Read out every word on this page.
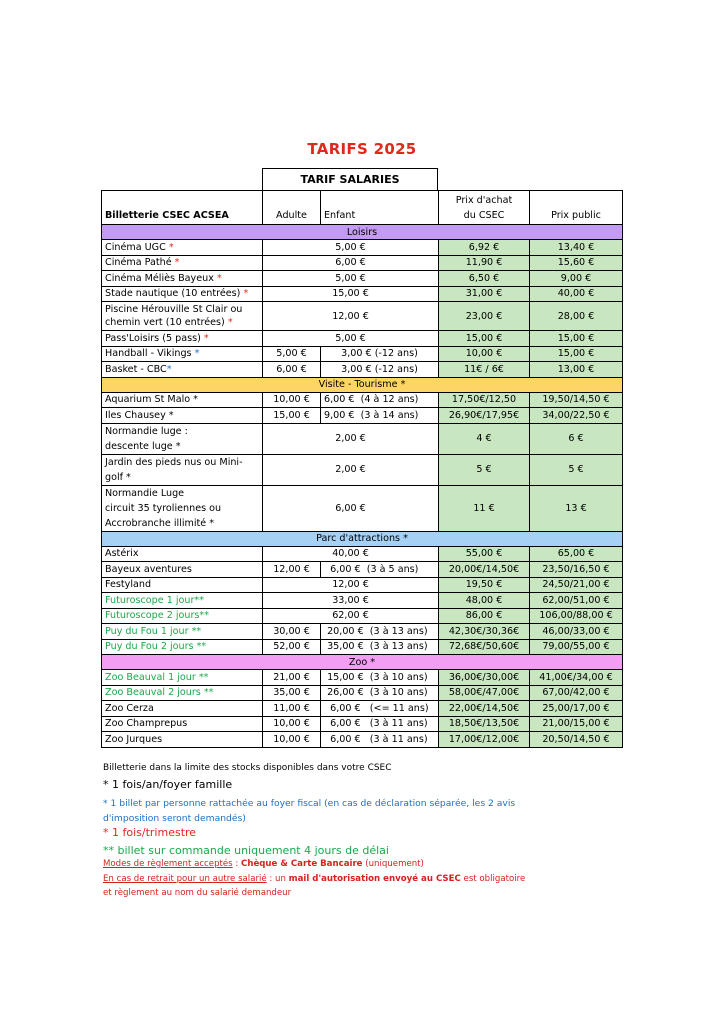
TARIFS 2025
TARIF SALARIES
Billetterie CSEC ACSEA	Adulte	Enfant	Prix d'achat
du CSEC	Prix public
Loisirs				
Cinéma UGC *	5,00 €		6,92 €	13,40 €
Cinéma Pathé *	6,00 €		11,90 €	15,60 €
Cinéma Méliès Bayeux *	5,00 €		6,50 €	9,00 €
Stade nautique (10 entrées) *	15,00 €		31,00 €	40,00 €
Piscine Hérouville St Clair ou
chemin vert (10 entrées) *	12,00 €		23,00 €	28,00 €
Pass'Loisirs (5 pass) *	5,00 €		15,00 €	15,00 €
Handball - Vikings *	5,00 €	3,00 € (-12 ans)	10,00 €	15,00 €
Basket - CBC*	6,00 €	3,00 € (-12 ans)	11€ / 6€	13,00 €
Visite - Tourisme *				
Aquarium St Malo *	10,00 €	6,00 € (4 à 12 ans)	17,50€/12,50	19,50/14,50 €
Iles Chausey *	15,00 €	9,00 € (3 à 14 ans)	26,90€/17,95€	34,00/22,50 €
Normandie luge :
descente luge *	2,00 €		4 €	6 €
Jardin des pieds nus ou Mini-
golf *	2,00 €		5 €	5 €
Normandie Luge
circuit 35 tyroliennes ou
Accrobranche illimité *	6,00 €		11 €	13 €
Parc d'attractions *				
Astérix	40,00 €		55,00 €	65,00 €
Bayeux aventures	12,00 €	6,00 € (3 à 5 ans)	20,00€/14,50€	23,50/16,50 €
Festyland	12,00 €		19,50 €	24,50/21,00 €
Futuroscope 1 jour**	33,00 €		48,00 €	62,00/51,00 €
Futuroscope 2 jours**	62,00 €		86,00 €	106,00/88,00 €
Puy du Fou 1 jour **	30,00 €	20,00 € (3 à 13 ans)	42,30€/30,36€	46,00/33,00 €
Puy du Fou 2 jours **	52,00 €	35,00 € (3 à 13 ans)	72,68€/50,60€	79,00/55,00 €
Zoo *				
Zoo Beauval 1 jour **	21,00 €	15,00 € (3 à 10 ans)	36,00€/30,00€	41,00€/34,00 €
Zoo Beauval 2 jours **	35,00 €	26,00 € (3 à 10 ans)	58,00€/47,00€	67,00/42,00 €
Zoo Cerza	11,00 €	6,00 € (<= 11 ans)	22,00€/14,50€	25,00/17,00 €
Zoo Champrepus	10,00 €	6,00 € (3 à 11 ans)	18,50€/13,50€	21,00/15,00 €
Zoo Jurques	10,00 €	6,00 € (3 à 11 ans)	17,00€/12,00€	20,50/14,50 €
Billetterie dans la limite des stocks disponibles dans votre CSEC
* 1 fois/an/foyer famille
* 1 billet par personne rattachée au foyer fiscal (en cas de déclaration séparée, les 2 avis d'imposition seront demandés)
* 1 fois/trimestre
** billet sur commande uniquement 4 jours de délai
Modes de règlement acceptés : Chèque & Carte Bancaire (uniquement)
En cas de retrait pour un autre salarié : un mail d'autorisation envoyé au CSEC est obligatoire
et règlement au nom du salarié demandeur
